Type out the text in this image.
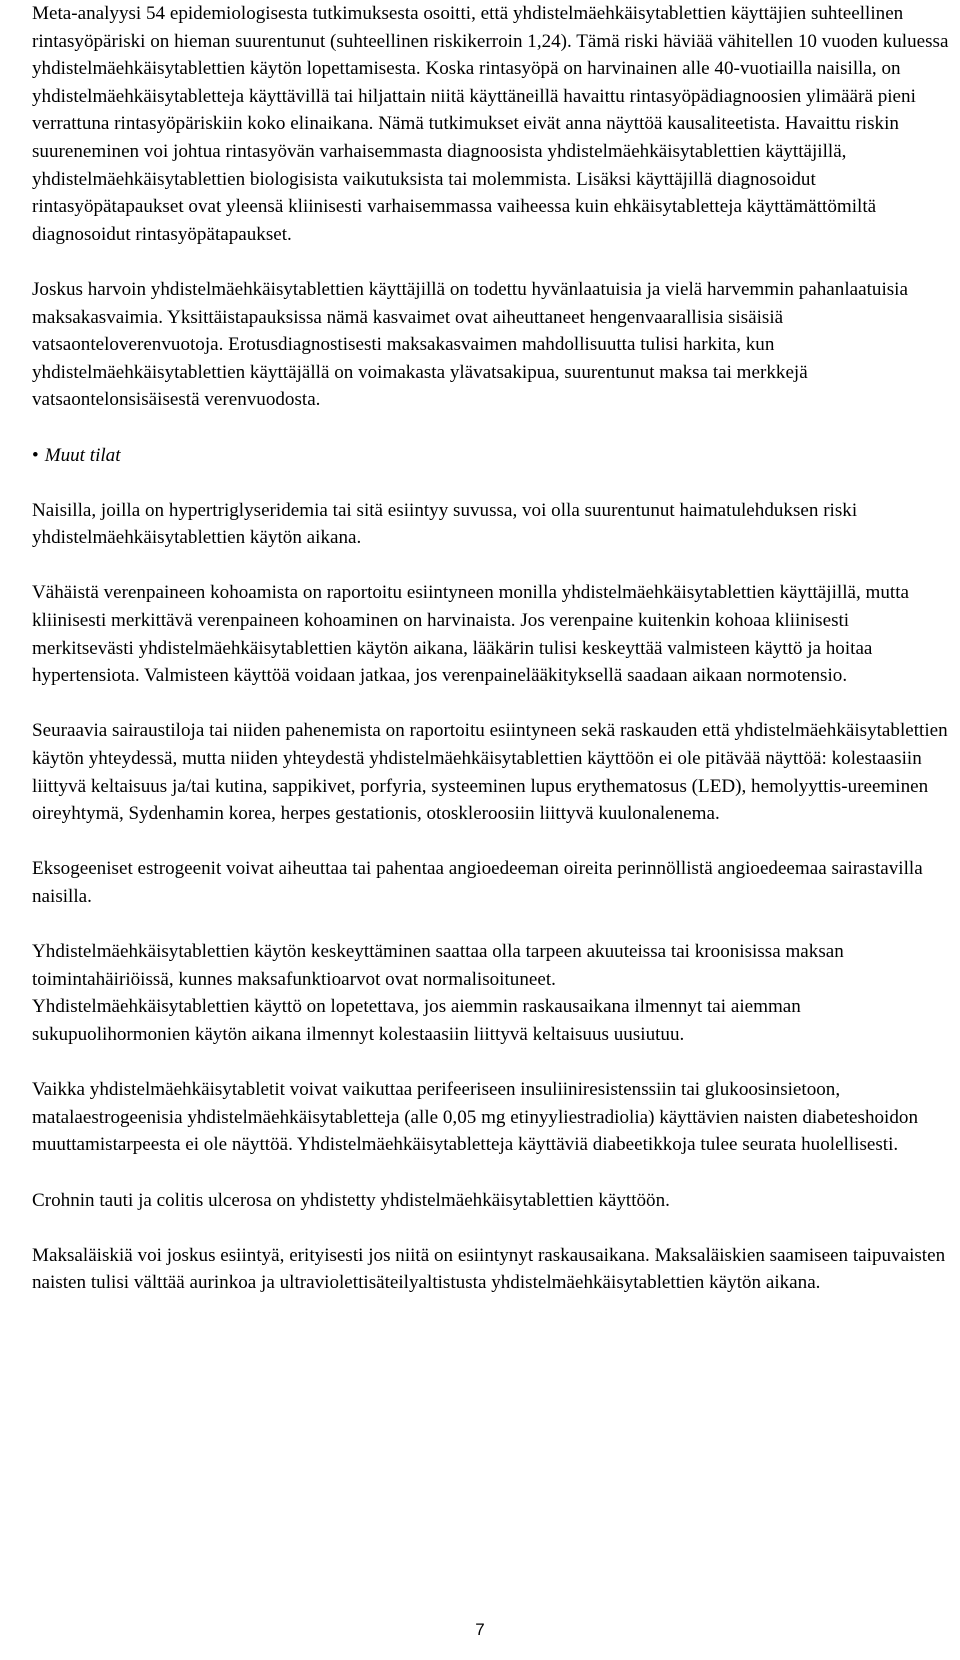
Meta-analyysi 54 epidemiologisesta tutkimuksesta osoitti, että yhdistelmäehkäisytablettien käyttäjien suhteellinen rintasyöpäriski on hieman suurentunut (suhteellinen riskikerroin 1,24). Tämä riski häviää vähitellen 10 vuoden kuluessa yhdistelmäehkäisytablettien käytön lopettamisesta. Koska rintasyöpä on harvinainen alle 40-vuotiailla naisilla, on yhdistelmäehkäisytabletteja käyttävillä tai hiljattain niitä käyttäneillä havaittu rintasyöpädiagnoosien ylimäärä pieni verrattuna rintasyöpäriskiin koko elinaikana. Nämä tutkimukset eivät anna näyttöä kausaliteetista. Havaittu riskin suureneminen voi johtua rintasyövän varhaisemmasta diagnoosista yhdistelmäehkäisytablettien käyttäjillä, yhdistelmäehkäisytablettien biologisista vaikutuksista tai molemmista. Lisäksi käyttäjillä diagnosoidut rintasyöpätapaukset ovat yleensä kliinisesti varhaisemmassa vaiheessa kuin ehkäisytabletteja käyttämättömiltä diagnosoidut rintasyöpätapaukset.

Joskus harvoin yhdistelmäehkäisytablettien käyttäjillä on todettu hyvänlaatuisia ja vielä harvemmin pahanlaatuisia maksakasvaimia. Yksittäistapauksissa nämä kasvaimet ovat aiheuttaneet hengenvaarallisia sisäisiä vatsaonteloverenvuotoja. Erotusdiagnostisesti maksakasvaimen mahdollisuutta tulisi harkita, kun yhdistelmäehkäisytablettien käyttäjällä on voimakasta ylävatsakipua, suurentunut maksa tai merkkejä vatsaontelonsisäisestä verenvuodosta.

• Muut tilat

Naisilla, joilla on hypertriglyseridemia tai sitä esiintyy suvussa, voi olla suurentunut haimatulehduksen riski yhdistelmäehkäisytablettien käytön aikana.

Vähäistä verenpaineen kohoamista on raportoitu esiintyneen monilla yhdistelmäehkäisytablettien käyttäjillä, mutta kliinisesti merkittävä verenpaineen kohoaminen on harvinaista. Jos verenpaine kuitenkin kohoaa kliinisesti merkitsevästi yhdistelmäehkäisytablettien käytön aikana, lääkärin tulisi keskeyttää valmisteen käyttö ja hoitaa hypertensiota. Valmisteen käyttöä voidaan jatkaa, jos verenpainelääkityksellä saadaan aikaan normotensio.

Seuraavia sairaustiloja tai niiden pahenemista on raportoitu esiintyneen sekä raskauden että yhdistelmäehkäisytablettien käytön yhteydessä, mutta niiden yhteydestä yhdistelmäehkäisytablettien käyttöön ei ole pitävää näyttöä: kolestaasiin liittyvä keltaisuus ja/tai kutina, sappikivet, porfyria, systeeminen lupus erythematosus (LED), hemolyyttis-ureeminen oireyhtymä, Sydenhamin korea, herpes gestationis, otoskleroosiin liittyvä kuulonalenema.

Eksogeeniset estrogeenit voivat aiheuttaa tai pahentaa angioedeeman oireita perinnöllistä angioedeemaa sairastavilla naisilla.

Yhdistelmäehkäisytablettien käytön keskeyttäminen saattaa olla tarpeen akuuteissa tai kroonisissa maksan toimintahäiriöissä, kunnes maksafunktioarvot ovat normalisoituneet.

Yhdistelmäehkäisytablettien käyttö on lopetettava, jos aiemmin raskausaikana ilmennyt tai aiemman sukupuolihormonien käytön aikana ilmennyt kolestaasiin liittyvä keltaisuus uusiutuu.

Vaikka yhdistelmäehkäisytabletit voivat vaikuttaa perifeeriseen insuliiniresistenssiin tai glukoosinsietoon, matalaestrogeenisia yhdistelmäehkäisytabletteja (alle 0,05 mg etinyyliestradiolia) käyttävien naisten diabeteshoidon muuttamistarpeesta ei ole näyttöä. Yhdistelmäehkäisytabletteja käyttäviä diabeetikkoja tulee seurata huolellisesti.

Crohnin tauti ja colitis ulcerosa on yhdistetty yhdistelmäehkäisytablettien käyttöön.

Maksaläiskiä voi joskus esiintyä, erityisesti jos niitä on esiintynyt raskausaikana. Maksaläiskien saamiseen taipuvaisten naisten tulisi välttää aurinkoa ja ultraviolettisäteilyaltistusta yhdistelmäehkäisytablettien käytön aikana.

7
